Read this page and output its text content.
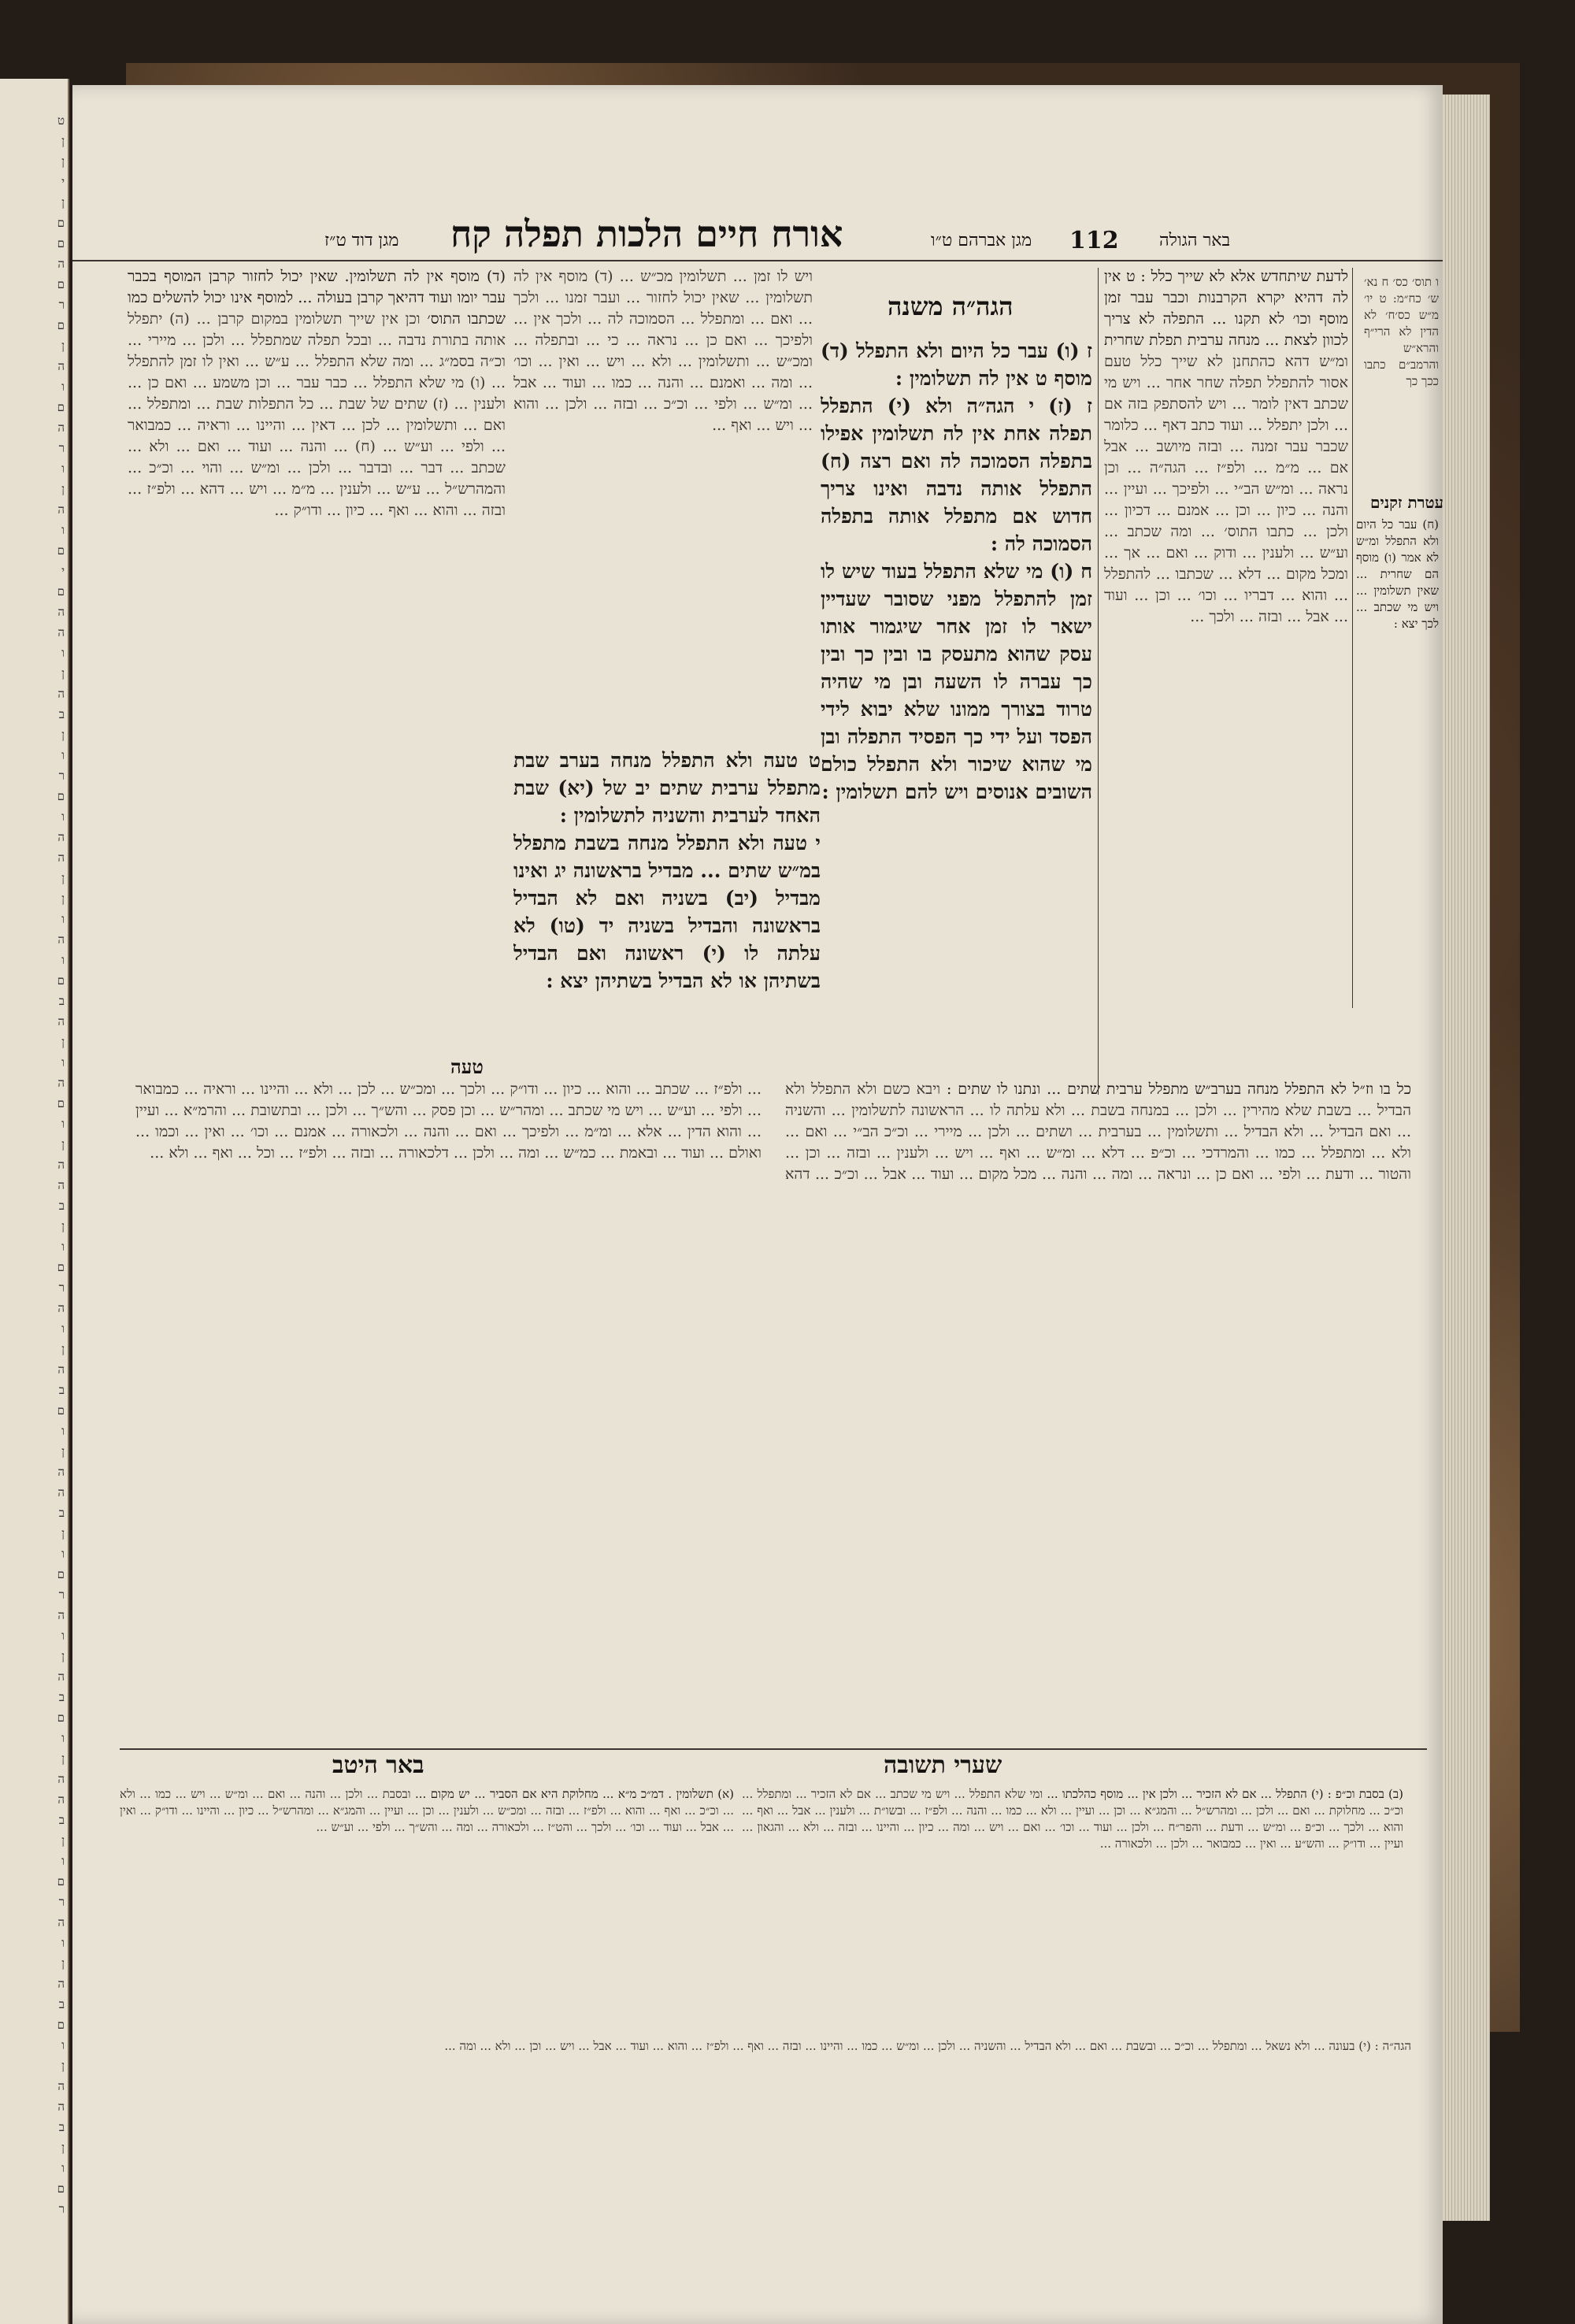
ט
ן
ן
י
ן
ם
ם
ה
ם
ר
ם
ן
ה
ו
ם
ה
ר
ו
ן
ה
ו
ם
י
ם
ה
ה
ו
ן
ה
ב
ן
ו
ר
ם
ו
ה
ה
ן
ן
ו
ה
ו
ם
ב
ה
ן
ו
ה
ם
ו
ן
ה
ה
ב
ן
ו
ם
ר
ה
ו
ן
ה
ב
ם
ו
ן
ה
ה
ב
ן
ו
ם
ר
ה
ו
ן
ה
ב
ם
ו
ן
ה
ה
ב
ן
ו
ם
ר
ה
ו
ן
ה
ב
ם
ו
ן
ה
ה
ב
ן
ו
ם
ר
112 באר הגולה
אורח חיים הלכות תפלה קח	מגן אברהם ט״ו
מגן דוד ט״ז
ו תוס׳ כס׳ ח נא׳ ש׳ כח״מ: ט יו׳ מ״ש כס׳ח׳ לא הדין לא הרי״ף והרא״ש והרמב״ם כתבו ככך כך
עטרת זקנים
(ח) עבר כל היום ולא התפלל ומ״ש לא אמר (ו) מוסף הם שחרית ... שאין תשלומין ... ויש מי שכתב ... לכך יצא :
לדעת שיתחדש אלא לא שייך כלל : ט אין לה דהיא יקרא הקרבנות וכבר עבר זמן מוסף וכו׳ לא תקנו ... התפלה לא צריך לכוון לצאת ... מנחה ערבית תפלת שחרית ומ״ש דהא כהתחנן לא שייך כלל טעם אסור להתפלל תפלה שחר אחר ... ויש מי שכתב דאין לומר ... ויש להסתפק בזה אם ... ולכן יתפלל ... ועוד כתב דאף ... כלומר שכבר עבר זמנה ... ובזה מיושב ... אבל אם ... מ״מ ... ולפ״ז ... הגה״ה ... וכן נראה ... ומ״ש הב״י ... ולפיכך ... ועיין ... והנה ... כיון ... וכן ... אמנם ... דכיון ... ולכן ... כתבו התוס׳ ... ומה שכתב ... וע״ש ... ולענין ... ודוק ... ואם ... אך ... ומכל מקום ... דלא ... שכתבו ... להתפלל ... והוא ... דבריו ... וכו׳ ... וכן ... ועוד ... אבל ... ובזה ... ולכך ...
הגה״ה משנה
ז (ו) עבר כל היום ולא התפלל (ד) מוסף ט אין לה תשלומין :
ז (ז) י הגה״ה ולא (י) התפלל תפלה אחת אין לה תשלומין אפילו בתפלה הסמוכה לה ואם רצה (ח) התפלל אותה נדבה ואינו צריך חדוש אם מתפלל אותה בתפלה הסמוכה לה :
ח (ו) מי שלא התפלל בעוד שיש לו זמן להתפלל מפני שסובר שעדיין ישאר לו זמן אחר שיגמור אותו עסק שהוא מתעסק בו ובין כך ובין כך עברה לו השעה ובן מי שהיה טרוד בצורך ממונו שלא יבוא לידי הפסד ועל ידי כך הפסיד התפלה ובן מי שהוא שיכור ולא התפלל כולם השובים אנוסים ויש להם תשלומין :
ט טעה ולא התפלל מנחה בערב שבת מתפלל ערבית שתים יב של (יא) שבת האחד לערבית והשניה לתשלומין :
י טעה ולא התפלל מנחה בשבת מתפלל במ״ש שתים ... מבדיל בראשונה יג ואינו מבדיל (יב) בשניה ואם לא הבדיל בראשונה והבדיל בשניה יד (טו) לא עלתה לו (י) ראשונה ואם הבדיל בשתיהן או לא הבדיל בשתיהן יצא :
(ד) מוסף אין לה תשלומין. שאין יכול לחזור קרבן המוסף בכבר עבר יומו ועוד דהיאך קרבן בעולה ... למוסף אינו יכול להשלים כמו שכתבו התוס׳ וכן אין שייך תשלומין במקום קרבן ... (ה) יתפלל אותה בתורת נדבה ... ובכל תפלה שמתפלל ... ולכן ... מיירי ... וכ״ה בסמ״ג ... ומה שלא התפלל ... ע״ש ... ואין לו זמן להתפלל ... (ו) מי שלא התפלל ... כבר עבר ... וכן משמע ... ואם כן ... ולענין ... (ז) שתים של שבת ... כל התפלות שבת ... ומתפלל ... ואם ... ותשלומין ... לכן ... דאין ... והיינו ... וראיה ... כמבואר ... ולפי ... וע״ש ... (ח) ... והנה ... ועוד ... ואם ... ולא ... שכתב ... דבר ... ובדבר ... ולכן ... ומ״ש ... והוי ... וכ״כ ... והמהרש״ל ... ע״ש ... ולענין ... מ״מ ... ויש ... דהא ... ולפ״ז ... ובזה ... והוא ... ואף ... כיון ... ודו״ק ...
ויש לו זמן ... תשלומין מכ״ש ... (ד) מוסף אין לה תשלומין ... שאין יכול לחזור ... ועבר זמנו ... ולכך ... ואם ... ומתפלל ... הסמוכה לה ... ולכך אין ... ולפיכך ... ואם כן ... נראה ... כי ... ובתפלה ... ומכ״ש ... ותשלומין ... ולא ... ויש ... ואין ... וכו׳ ... ומה ... ואמנם ... והנה ... כמו ... ועוד ... אבל ... ומ״ש ... ולפי ... וכ״כ ... ובזה ... ולכן ... והוא ... ויש ... ואף ...
טעה
כל בו וז״ל לא התפלל מנחה בערב״ש מתפלל ערבית שתים ... ונתנו לו שתים : ויבא כשם ולא התפלל ולא הבדיל ... בשבת שלא מהירין ... ולכן ... במנחה בשבת ... ולא עלתה לו ... הראשונה לתשלומין ... והשניה ... ואם הבדיל ... ולא הבדיל ... ותשלומין ... בערבית ... ושתים ... ולכן ... מיירי ... וכ״כ הב״י ... ואם ... ולא ... ומתפלל ... כמו ... והמרדכי ... וכ״פ ... דלא ... ומ״ש ... ואף ... ויש ... ולענין ... ובזה ... וכן ... והטור ... ודעת ... ולפי ... ואם כן ... ונראה ... ומה ... והנה ... מכל מקום ... ועוד ... אבל ... וכ״כ ... דהא ... ולפ״ז ... שכתב ... והוא ... כיון ... ודו״ק ... ולכך ... ומכ״ש ... לכן ... ולא ... והיינו ... וראיה ... כמבואר ... ולפי ... וע״ש ... ויש מי שכתב ... ומהר״ש ... וכן פסק ... והש״ך ... ולכן ... ובתשובת ... והרמ״א ... ועיין ... והוא הדין ... אלא ... ומ״מ ... ולפיכך ... ואם ... והנה ... ולכאורה ... אמנם ... וכו׳ ... ואין ... וכמו ... ואולם ... ועוד ... ובאמת ... כמ״ש ... ומה ... ולכן ... דלכאורה ... ובזה ... ולפ״ז ... וכל ... ואף ... ולא ...
שערי תשובה
באר היטב
(ב) בסבת וכ״פ : (י) התפלל ... אם לא הזכיר ... ולכן אין ... מוסף כהלכתו ... ומי שלא התפלל ... ויש מי שכתב ... אם לא הזכיר ... ומתפלל ... וכ״כ ... מחלוקת ... ואם ... ולכן ... ומהרש״ל ... והמג״א ... וכן ... ועיין ... ולא ... כמו ... והנה ... ולפ״ז ... ובשו״ת ... ולענין ... אבל ... ואף ... והוא ... ולכך ... וכ״פ ... ומ״ש ... ודעת ... והפר״ח ... ולכן ... ועוד ... וכו׳ ... ואם ... ויש ... ומה ... כיון ... והיינו ... ובזה ... ולא ... והגאון ... ועיין ... ודו״ק ... והש״ע ... ואין ... כמבואר ... ולכן ... ולכאורה ...
(א) תשלומין . דמ״כ מ״א ... מחלוקת היא אם הסביר ... יש מקום ... ובסבת ... ולכן ... והנה ... ואם ... ומ״ש ... ויש ... כמו ... ולא ... וכ״כ ... ואף ... והוא ... ולפ״ז ... ובזה ... ומכ״ש ... ולענין ... וכן ... ועיין ... והמג״א ... ומהרש״ל ... כיון ... והיינו ... ודו״ק ... ואין ... אבל ... ועוד ... וכו׳ ... ולכך ... והט״ז ... ולכאורה ... ומה ... והש״ך ... ולפי ... וע״ש ...
הגה״ה : (י) בעונה ... ולא נשאל ... ומתפלל ... וכ״כ ... ובשבת ... ואם ... ולא הבדיל ... והשניה ... ולכן ... ומ״ש ... כמו ... והיינו ... ובזה ... ואף ... ולפ״ז ... והוא ... ועוד ... אבל ... ויש ... וכן ... ולא ... ומה ...
